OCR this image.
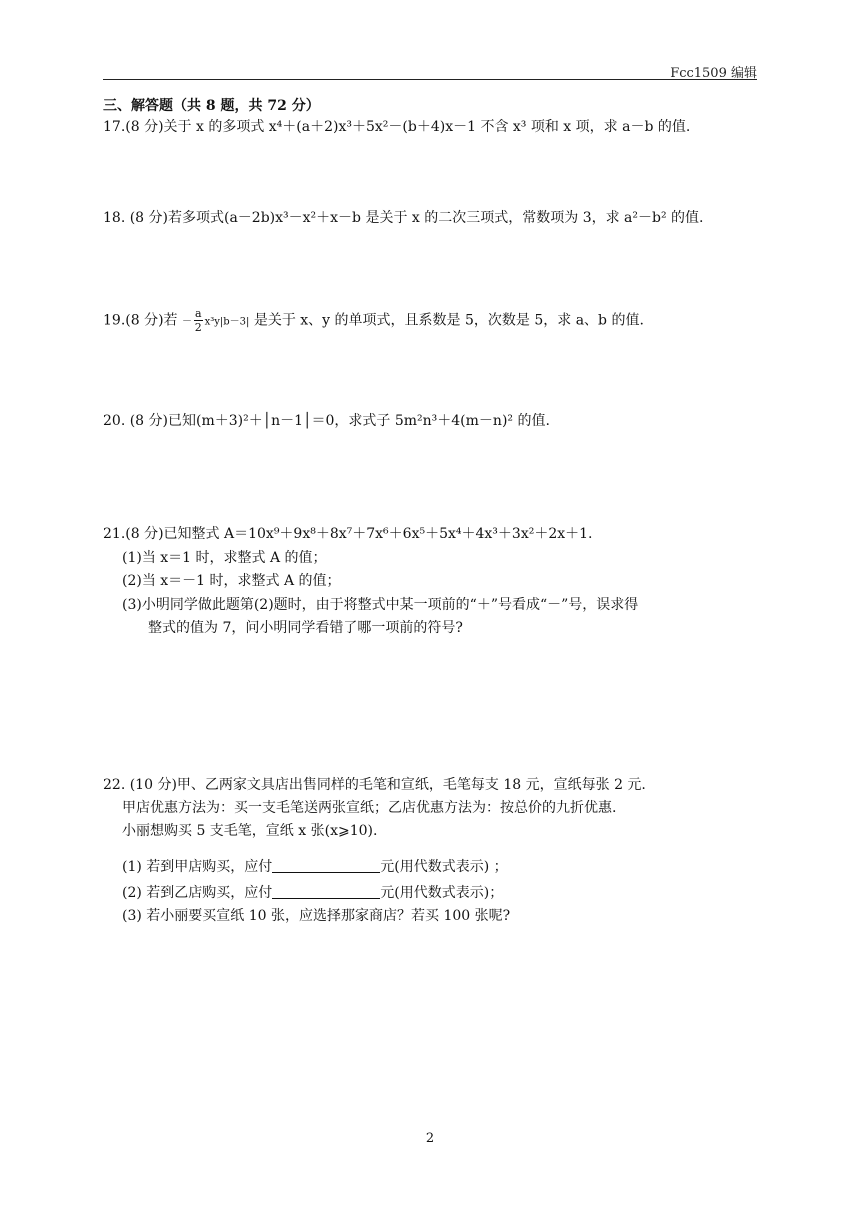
Fcc1509 编辑
三、解答题（共 8 题，共 72 分）
17.(8 分)关于 x 的多项式 x⁴＋(a＋2)x³＋5x²－(b＋4)x－1 不含 x³ 项和 x 项，求 a－b 的值.
18. (8 分)若多项式(a－2b)x³－x²＋x－b 是关于 x 的二次三项式，常数项为 3，求 a²－b² 的值.
19.(8 分)若 － $\frac{a}{2} x^3y|b-3|$ 是关于 x、y 的单项式，且系数是 5，次数是 5，求 a、b 的值.
20. (8 分)已知(m＋3)²＋│n－1│＝0，求式子 5m²n³＋4(m－n)² 的值.
21.(8 分)已知整式 A＝10x⁹＋9x⁸＋8x⁷＋7x⁶＋6x⁵＋5x⁴＋4x³＋3x²＋2x＋1.
(1)当 x＝1 时，求整式 A 的值；
(2)当 x＝－1 时，求整式 A 的值；
(3)小明同学做此题第(2)题时，由于将整式中某一项前的“＋”号看成“－”号，误求得
整式的值为 7，问小明同学看错了哪一项前的符号?
22. (10 分)甲、乙两家文具店出售同样的毛笔和宣纸，毛笔每支 18 元，宣纸每张 2 元.
甲店优惠方法为：买一支毛笔送两张宣纸；乙店优惠方法为：按总价的九折优惠.
小丽想购买 5 支毛笔，宣纸 x 张(x⩾10).
(1) 若到甲店购买，应付	元(用代数式表示) ；
(2) 若到乙店购买，应付	元(用代数式表示)；
(3) 若小丽要买宣纸 10 张，应选择那家商店？若买 100 张呢?
2
